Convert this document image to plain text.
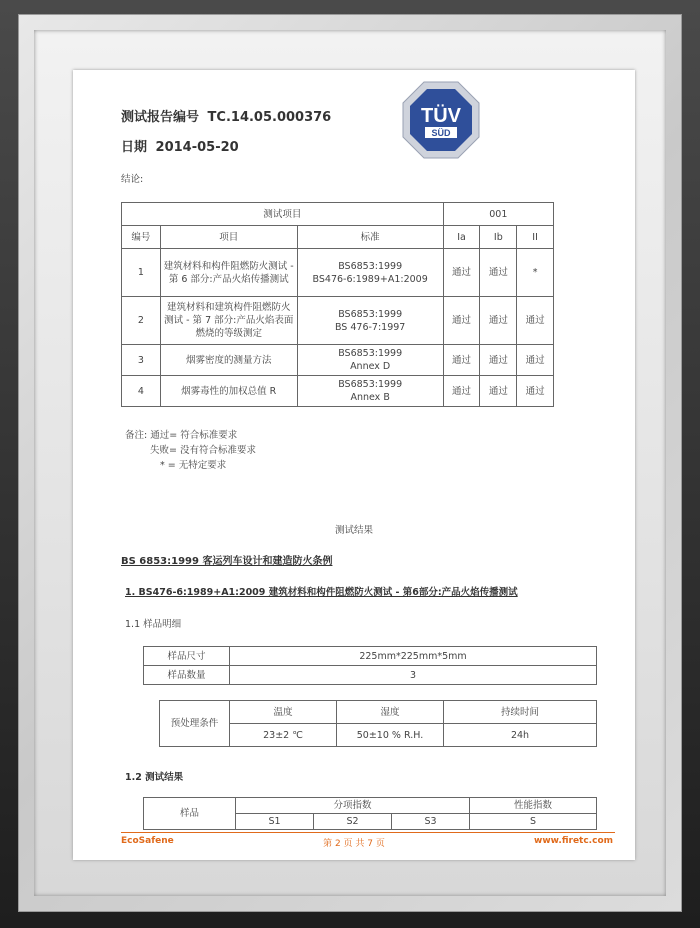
测试报告编号 TC.14.05.000376
日期 2014-05-20
结论:
TÜV
SÜD
测试项目			001		
编号	项目	标准	Ia	Ib	II
1	建筑材料和构件阻燃防火测试 - 第 6 部分:产品火焰传播测试	BS6853:1999
BS476-6:1989+A1:2009	通过	通过	*
2	建筑材料和建筑构件阻燃防火测试 - 第 7 部分:产品火焰表面燃烧的等级测定	BS6853:1999
BS 476-7:1997	通过	通过	通过
3	烟雾密度的测量方法	BS6853:1999
Annex D	通过	通过	通过
4	烟雾毒性的加权总值 R	BS6853:1999
Annex B	通过	通过	通过
备注: 通过= 符合标准要求
失败= 没有符合标准要求
* = 无特定要求
测试结果
BS 6853:1999 客运列车设计和建造防火条例
1. BS476-6:1989+A1:2009 建筑材料和构件阻燃防火测试 - 第6部分:产品火焰传播测试
1.1 样品明细
样品尺寸	225mm*225mm*5mm
样品数量	3
预处理条件	温度	湿度	持续时间
	23±2 ℃	50±10 % R.H.	24h
1.2 测试结果
样品	分项指数			性能指数
	S1	S2	S3	S
EcoSafene	第 2 页 共 7 页	www.firetc.com
